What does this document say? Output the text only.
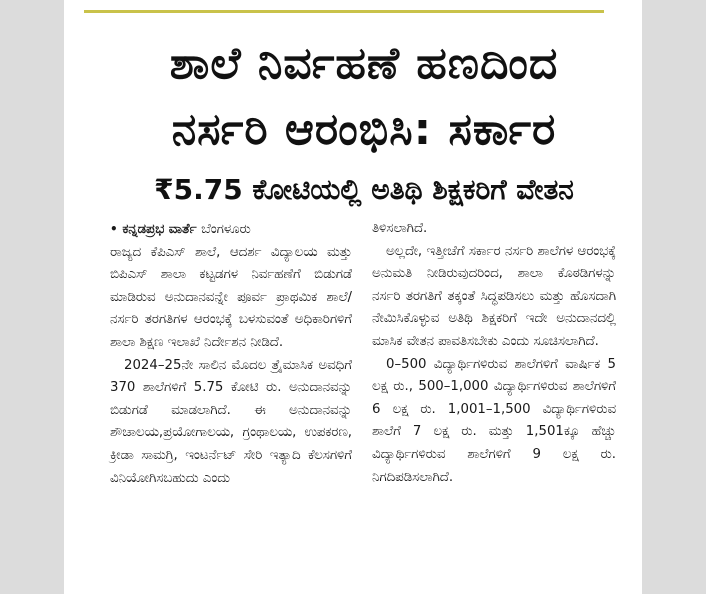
ಶಾಲೆ ನಿರ್ವಹಣೆ ಹಣದಿಂದ
ನರ್ಸರಿ ಆರಂಭಿಸಿ: ಸರ್ಕಾರ
₹5.75 ಕೋಟಿಯಲ್ಲಿ ಅತಿಥಿ ಶಿಕ್ಷಕರಿಗೆ ವೇತನ

• ಕನ್ನಡಪ್ರಭ ವಾರ್ತೆ ಬೆಂಗಳೂರು

ರಾಜ್ಯದ ಕೆಪಿಎಸ್ ಶಾಲೆ, ಆದರ್ಶ ವಿದ್ಯಾಲಯ ಮತ್ತು ಬಿಪಿಎಸ್ ಶಾಲಾ ಕಟ್ಟಡಗಳ ನಿರ್ವಹಣೆಗೆ ಬಿಡುಗಡೆ ಮಾಡಿರುವ ಅನುದಾನವನ್ನೇ ಪೂರ್ವ ಪ್ರಾಥಮಿಕ ಶಾಲೆ/ನರ್ಸರಿ ತರಗತಿಗಳ ಆರಂಭಕ್ಕೆ ಬಳಸುವಂತೆ ಅಧಿಕಾರಿಗಳಿಗೆ ಶಾಲಾ ಶಿಕ್ಷಣ ಇಲಾಖೆ ನಿರ್ದೇಶನ ನೀಡಿದೆ.

2024–25ನೇ ಸಾಲಿನ ಮೊದಲ ತ್ರೈಮಾಸಿಕ ಅವಧಿಗೆ 370 ಶಾಲೆಗಳಿಗೆ 5.75 ಕೋಟಿ ರು. ಅನುದಾನವನ್ನು ಬಿಡುಗಡೆ ಮಾಡಲಾಗಿದೆ. ಈ ಅನುದಾನವನ್ನು ಶೌಚಾಲಯ,ಪ್ರಯೋಗಾಲಯ, ಗ್ರಂಥಾಲಯ, ಉಪಕರಣ, ಕ್ರೀಡಾ ಸಾಮಗ್ರಿ, ಇಂಟರ್ನೆಟ್ ಸೇರಿ ಇತ್ಯಾದಿ ಕೆಲಸಗಳಿಗೆ ವಿನಿಯೋಗಿಸಬಹುದು ಎಂದು

ತಿಳಿಸಲಾಗಿದೆ.

ಅಲ್ಲದೇ, ಇತ್ತೀಚೆಗೆ ಸರ್ಕಾರ ನರ್ಸರಿ ಶಾಲೆಗಳ ಆರಂಭಕ್ಕೆ ಅನುಮತಿ ನೀಡಿರುವುದರಿಂದ, ಶಾಲಾ ಕೊಠಡಿಗಳನ್ನು ನರ್ಸರಿ ತರಗತಿಗೆ ತಕ್ಕಂತೆ ಸಿದ್ಧಪಡಿಸಲು ಮತ್ತು ಹೊಸದಾಗಿ ನೇಮಿಸಿಕೊಳ್ಳುವ ಅತಿಥಿ ಶಿಕ್ಷಕರಿಗೆ ಇದೇ ಅನುದಾನದಲ್ಲಿ ಮಾಸಿಕ ವೇತನ ಪಾವತಿಸಬೇಕು ಎಂದು ಸೂಚಿಸಲಾಗಿದೆ.

0–500 ವಿದ್ಯಾರ್ಥಿಗಳಿರುವ ಶಾಲೆಗಳಿಗೆ ವಾರ್ಷಿಕ 5 ಲಕ್ಷ ರು., 500–1,000 ವಿದ್ಯಾರ್ಥಿಗಳಿರುವ ಶಾಲೆಗಳಿಗೆ 6 ಲಕ್ಷ ರು. 1,001–1,500 ವಿದ್ಯಾರ್ಥಿಗಳಿರುವ ಶಾಲೆಗೆ 7 ಲಕ್ಷ ರು. ಮತ್ತು 1,501ಕ್ಕೂ ಹೆಚ್ಚು ವಿದ್ಯಾರ್ಥಿಗಳಿರುವ ಶಾಲೆಗಳಿಗೆ 9 ಲಕ್ಷ ರು. ನಿಗದಿಪಡಿಸಲಾಗಿದೆ.
